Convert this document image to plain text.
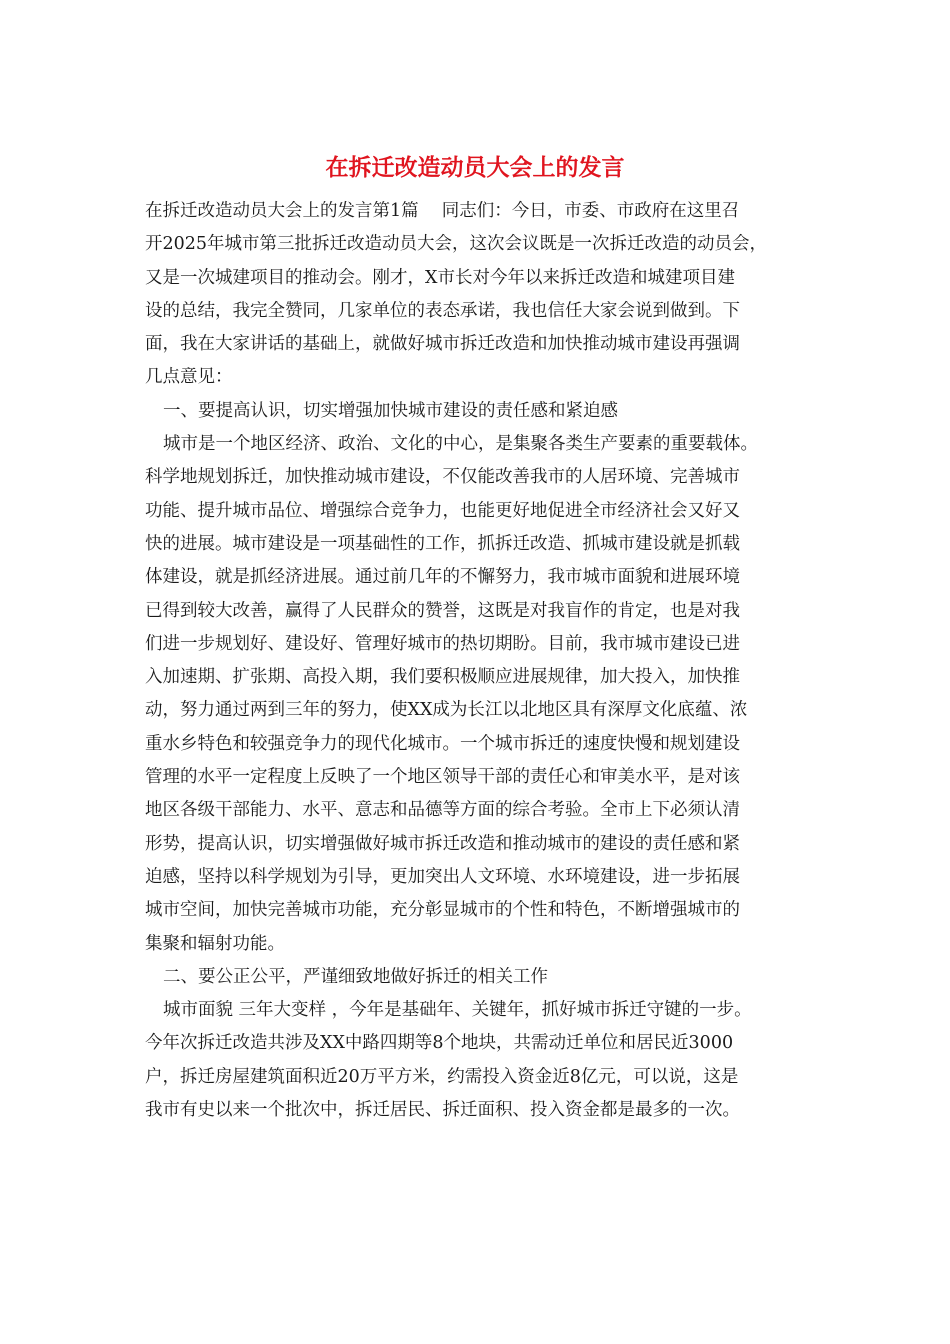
在拆迁改造动员大会上的发言
在拆迁改造动员大会上的发言第1篇　 同志们：今日，市委、市政府在这里召
开2025年城市第三批拆迁改造动员大会，这次会议既是一次拆迁改造的动员会，
又是一次城建项目的推动会。刚才，X市长对今年以来拆迁改造和城建项目建
设的总结，我完全赞同，几家单位的表态承诺，我也信任大家会说到做到。下
面，我在大家讲话的基础上，就做好城市拆迁改造和加快推动城市建设再强调
几点意见：
一、要提高认识，切实增强加快城市建设的责任感和紧迫感
城市是一个地区经济、政治、文化的中心，是集聚各类生产要素的重要载体。
科学地规划拆迁，加快推动城市建设，不仅能改善我市的人居环境、完善城市
功能、提升城市品位、增强综合竞争力，也能更好地促进全市经济社会又好又
快的进展。城市建设是一项基础性的工作，抓拆迁改造、抓城市建设就是抓载
体建设，就是抓经济进展。通过前几年的不懈努力，我市城市面貌和进展环境
已得到较大改善，赢得了人民群众的赞誉，这既是对我盲作的肯定，也是对我
们进一步规划好、建设好、管理好城市的热切期盼。目前，我市城市建设已进
入加速期、扩张期、高投入期，我们要积极顺应进展规律，加大投入，加快推
动，努力通过两到三年的努力，使XX成为长江以北地区具有深厚文化底蕴、浓
重水乡特色和较强竞争力的现代化城市。一个城市拆迁的速度快慢和规划建设
管理的水平一定程度上反映了一个地区领导干部的责任心和审美水平，是对该
地区各级干部能力、水平、意志和品德等方面的综合考验。全市上下必须认清
形势，提高认识，切实增强做好城市拆迁改造和推动城市的建设的责任感和紧
迫感，坚持以科学规划为引导，更加突出人文环境、水环境建设，进一步拓展
城市空间，加快完善城市功能，充分彰显城市的个性和特色，不断增强城市的
集聚和辐射功能。
二、要公正公平，严谨细致地做好拆迁的相关工作
城市面貌 三年大变样 ，今年是基础年、关键年，抓好城市拆迁守键的一步。
今年次拆迁改造共涉及XX中路四期等8个地块，共需动迁单位和居民近3000
户，拆迁房屋建筑面积近20万平方米，约需投入资金近8亿元，可以说，这是
我市有史以来一个批次中，拆迁居民、拆迁面积、投入资金都是最多的一次。
